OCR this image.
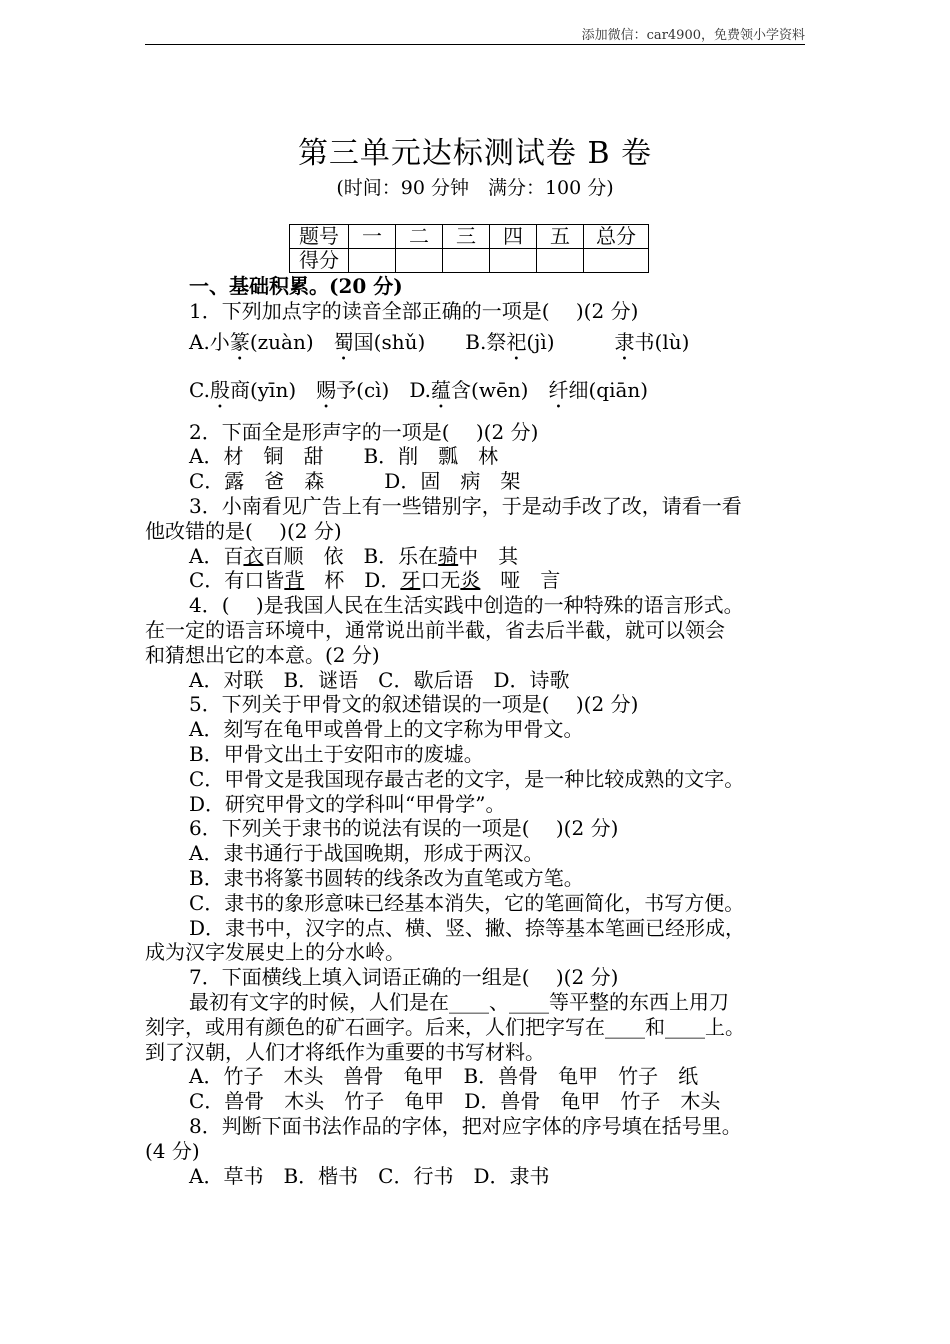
添加微信：car4900，免费领小学资料
第三单元达标测试卷 B 卷
(时间：90 分钟　满分：100 分)
题号	一	二	三	四	五	总分
得分						
一、基础积累。(20 分)
1．下列加点字的读音全部正确的一项是(　 )(2 分)
A.小篆(zuàn)　蜀国(shǔ)　　B.祭祀(jì)　　　隶书(lù)
C.殷商(yīn)　赐予(cì)　D.蕴含(wēn)　纤细(qiān)
2．下面全是形声字的一项是(　 )(2 分)
A．材　铜　甜　　B．削　瓢　林
C．露　爸　森　　　D．固　病　架
3．小南看见广告上有一些错别字，于是动手改了改，请看一看
他改错的是(　 )(2 分)
A．百衣百顺　依　B．乐在骑中　其
C．有口皆背　杯　D．牙口无炎　哑　言
4．(　 )是我国人民在生活实践中创造的一种特殊的语言形式。
在一定的语言环境中，通常说出前半截，省去后半截，就可以领会
和猜想出它的本意。(2 分)
A．对联　B．谜语　C．歇后语　D．诗歌
5．下列关于甲骨文的叙述错误的一项是(　 )(2 分)
A．刻写在龟甲或兽骨上的文字称为甲骨文。
B．甲骨文出土于安阳市的废墟。
C．甲骨文是我国现存最古老的文字，是一种比较成熟的文字。
D．研究甲骨文的学科叫“甲骨学”。
6．下列关于隶书的说法有误的一项是(　 )(2 分)
A．隶书通行于战国晚期，形成于两汉。
B．隶书将篆书圆转的线条改为直笔或方笔。
C．隶书的象形意味已经基本消失，它的笔画简化，书写方便。
D．隶书中，汉字的点、横、竖、撇、捺等基本笔画已经形成，
成为汉字发展史上的分水岭。
7．下面横线上填入词语正确的一组是(　 )(2 分)
最初有文字的时候，人们是在____、____等平整的东西上用刀
刻字，或用有颜色的矿石画字。后来，人们把字写在____和____上。
到了汉朝，人们才将纸作为重要的书写材料。
A．竹子　木头　兽骨　龟甲　B．兽骨　龟甲　竹子　纸
C．兽骨　木头　竹子　龟甲　D．兽骨　龟甲　竹子　木头
8．判断下面书法作品的字体，把对应字体的序号填在括号里。
(4 分)
A．草书　B．楷书　C．行书　D．隶书
